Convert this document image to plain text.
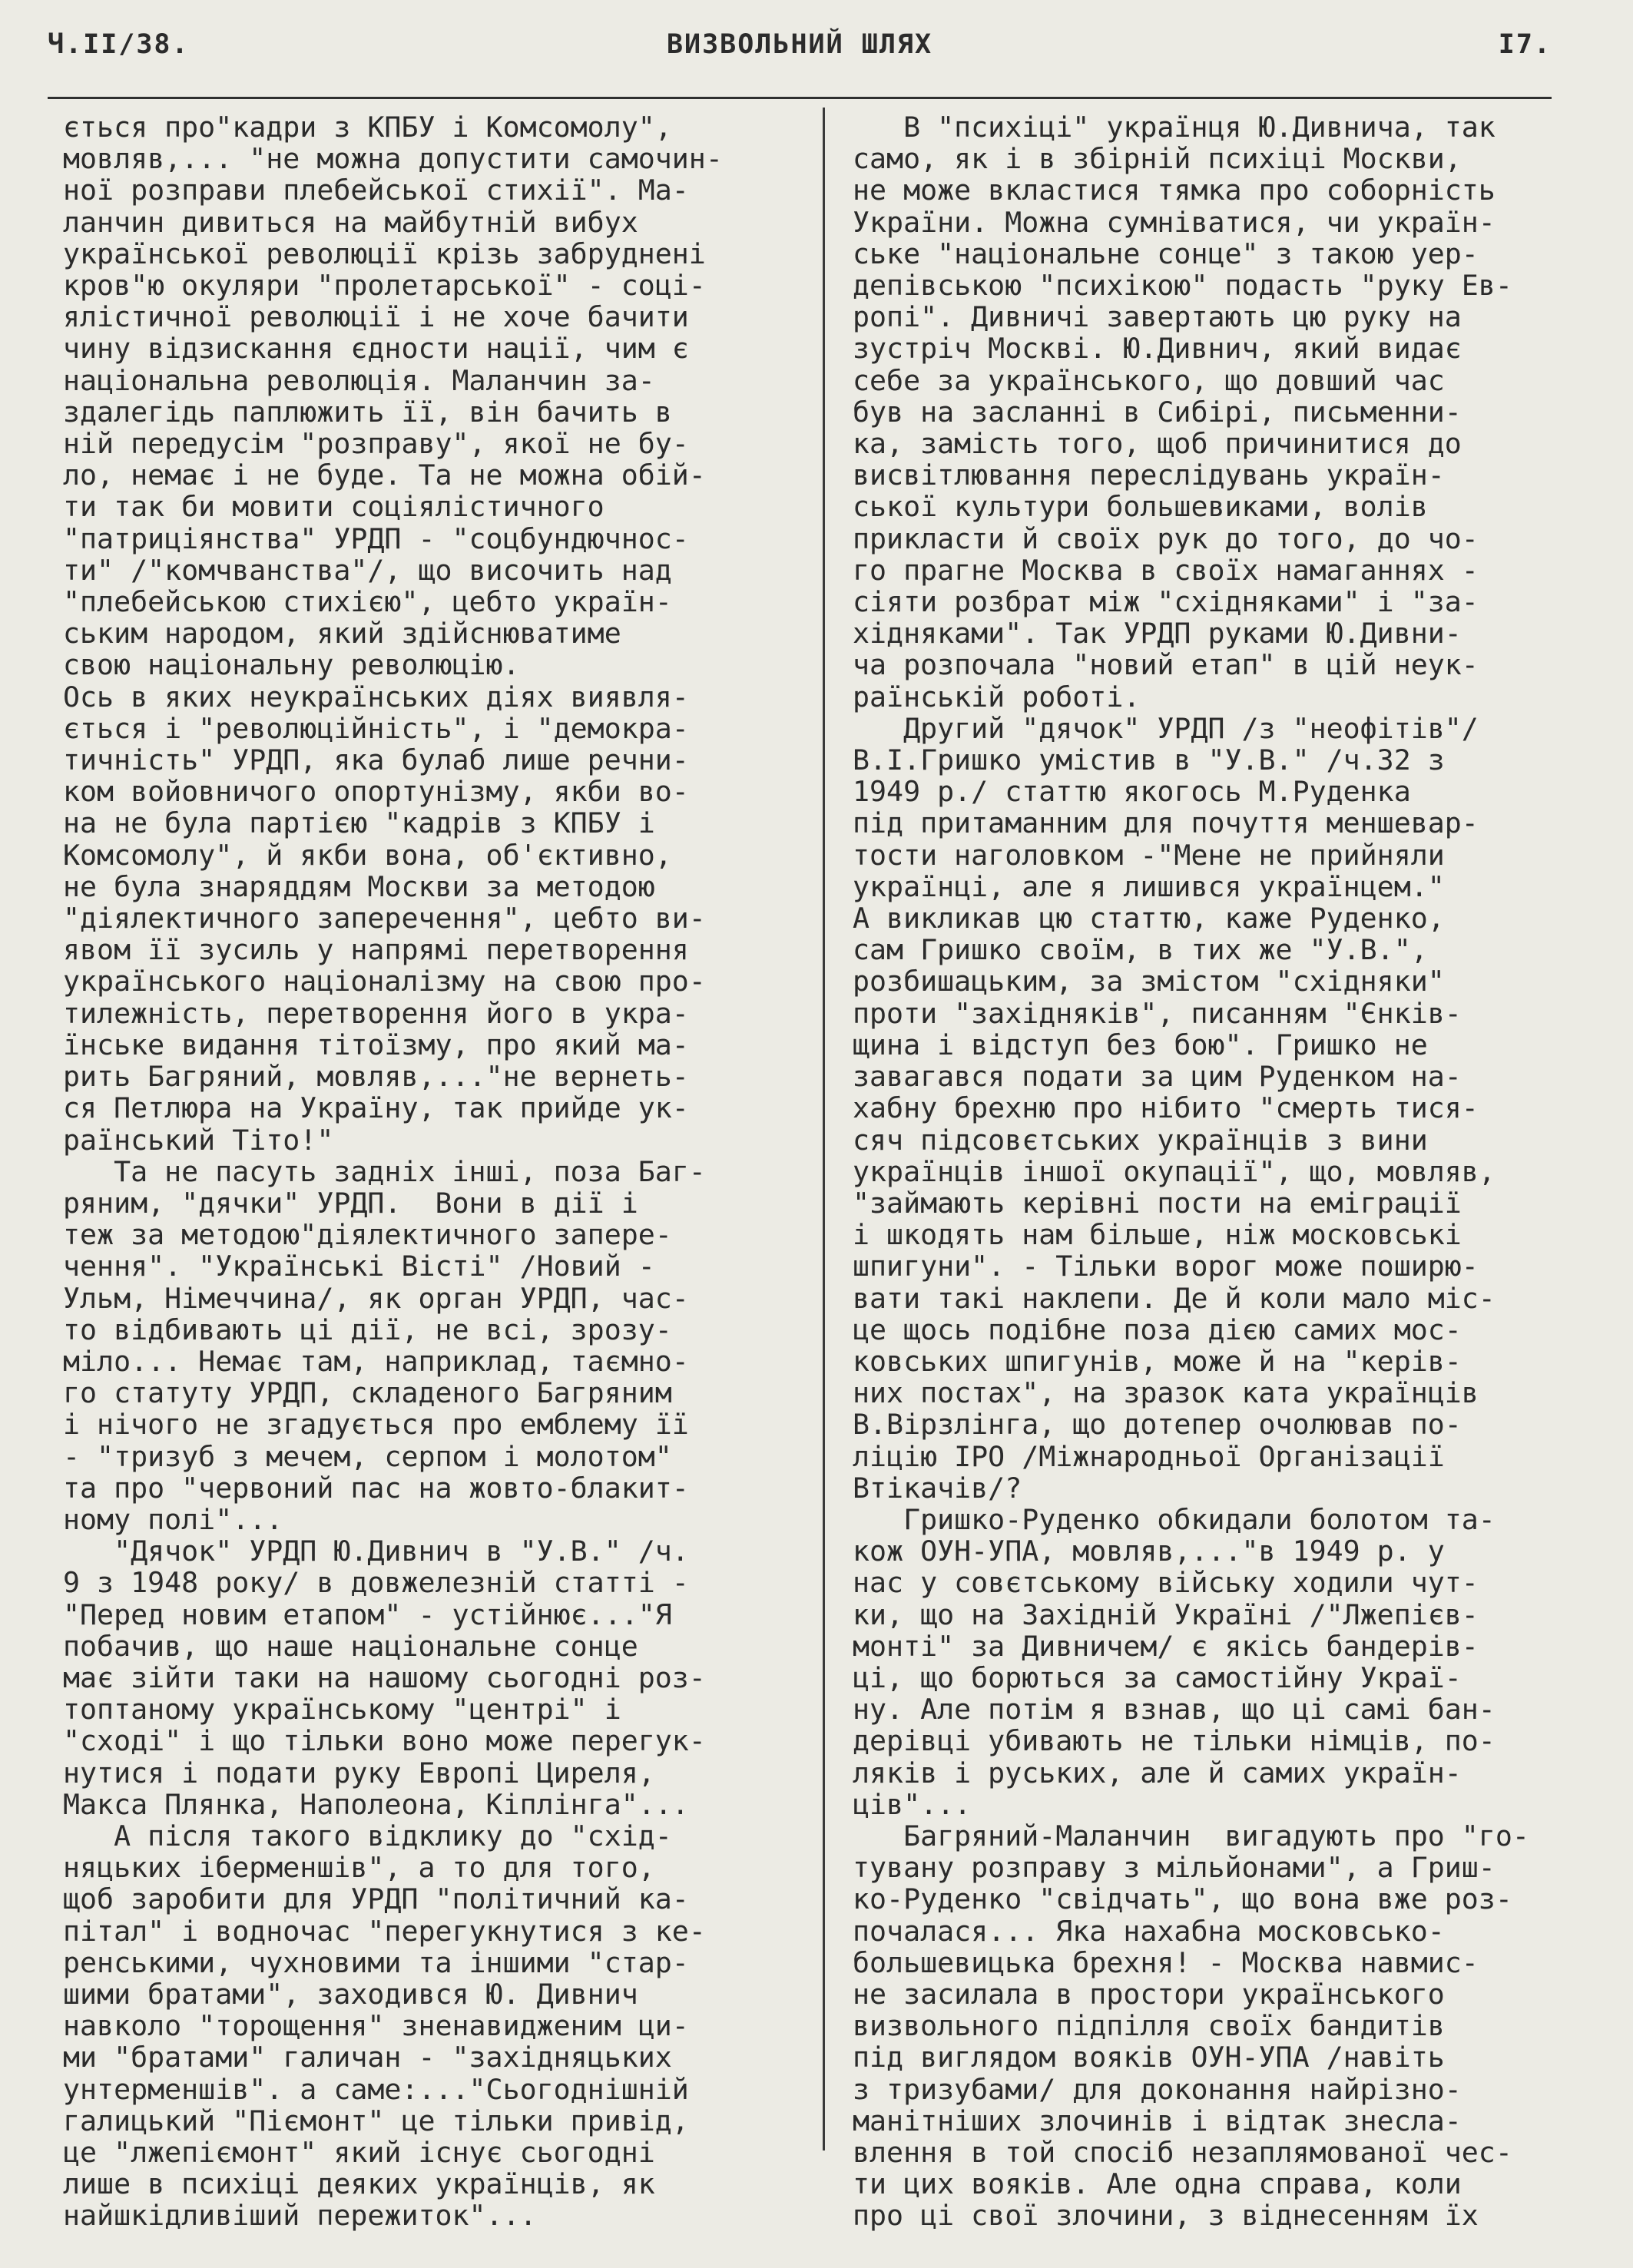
Ч.II/38.	ВИЗВОЛЬНИЙ ШЛЯХ	I7.
ється про"кадри з КПБУ і Комсомолу",
мовляв,... "не можна допустити самочин-
ної розправи плебейської стихії". Ма-
ланчин дивиться на майбутній вибух
української революції крізь забруднені
кров"ю окуляри "пролетарської" - соці-
ялістичної революції і не хоче бачити
чину відзискання єдности нації, чим є
національна революція. Маланчин за-
здалегідь паплюжить її, він бачить в
ній передусім "розправу", якої не бу-
ло, немає і не буде. Та не можна обій-
ти так би мовити соціялістичного
"патриціянства" УРДП - "соцбундючнос-
ти" /"комчванства"/, що височить над
"плебейською стихією", цебто україн-
ським народом, який здійснюватиме
свою національну революцію.
Ось в яких неукраїнських діях виявля-
ється і "революційність", і "демокра-
тичність" УРДП, яка булаб лише речни-
ком войовничого опортунізму, якби во-
на не була партією "кадрів з КПБУ і
Комсомолу", й якби вона, об'єктивно,
не була знаряддям Москви за методою
"діялектичного заперечення", цебто ви-
явом її зусиль у напрямі перетворення
українського націоналізму на свою про-
тилежність, перетворення його в укра-
їнське видання тітоїзму, про який ма-
рить Багряний, мовляв,..."не вернеть-
ся Петлюра на Україну, так прийде ук-
раїнський Тіто!"
Та не пасуть задніх інші, поза Баг-
ряним, "дячки" УРДП.  Вони в дії і
теж за методою"діялектичного запере-
чення". "Українські Вісті" /Новий -
Ульм, Німеччина/, як орган УРДП, час-
то відбивають ці дії, не всі, зрозу-
міло... Немає там, наприклад, таємно-
го статуту УРДП, складеного Багряним
і нічого не згадується про емблему її
- "тризуб з мечем, серпом і молотом"
та про "червоний пас на жовто-блакит-
ному полі"...
"Дячок" УРДП Ю.Дивнич в "У.В." /ч.
9 з 1948 року/ в довжелезній статті -
"Перед новим етапом" - устійнює..."Я
побачив, що наше національне сонце
має зійти таки на нашому сьогодні роз-
топтаному українському "центрі" і
"сході" і що тільки воно може перегук-
нутися і подати руку Европі Циреля,
Макса Плянка, Наполеона, Кіплінга"...
А після такого відклику до "схід-
няцьких іберменшів", а то для того,
щоб заробити для УРДП "політичний ка-
пітал" і водночас "перегукнутися з ке-
ренськими, чухновими та іншими "стар-
шими братами", заходився Ю. Дивнич
навколо "торощення" зненавидженим ци-
ми "братами" галичан - "західняцьких
унтерменшів". а саме:..."Сьогоднішній
галицький "Піємонт" це тільки привід,
це "лжепіємонт" який існує сьогодні
лише в психіці деяких українців, як
найшкідливіший пережиток"...
В "психіці" українця Ю.Дивнича, так
само, як і в збірній психіці Москви,
не може вкластися тямка про соборність
України. Можна сумніватися, чи україн-
ське "національне сонце" з такою уер-
депівською "психікою" подасть "руку Ев-
ропі". Дивничі завертають цю руку на
зустріч Москві. Ю.Дивнич, який видає
себе за українського, що довший час
був на засланні в Сибірі, письменни-
ка, замість того, щоб причинитися до
висвітлювання переслідувань україн-
ської культури большевиками, волів
прикласти й своїх рук до того, до чо-
го прагне Москва в своїх намаганнях -
сіяти розбрат між "східняками" і "за-
хідняками". Так УРДП руками Ю.Дивни-
ча розпочала "новий етап" в цій неук-
раїнській роботі.
Другий "дячок" УРДП /з "неофітів"/
В.І.Гришко умістив в "У.В." /ч.32 з
1949 р./ статтю якогось М.Руденка
під притаманним для почуття меншевар-
тости наголовком -"Мене не прийняли
українці, але я лишився українцем."
А викликав цю статтю, каже Руденко,
сам Гришко своїм, в тих же "У.В.",
розбишацьким, за змістом "східняки"
проти "західняків", писанням "Єнків-
щина і відступ без бою". Гришко не
завагався подати за цим Руденком на-
хабну брехню про нібито "смерть тися-
сяч підсовєтських українців з вини
українців іншої окупації", що, мовляв,
"займають керівні пости на еміграції
і шкодять нам більше, ніж московські
шпигуни". - Тільки ворог може поширю-
вати такі наклепи. Де й коли мало міс-
це щось подібне поза дією самих мос-
ковських шпигунів, може й на "керів-
них постах", на зразок ката українців
В.Вірзлінга, що дотепер очолював по-
ліцію IPO /Міжнародньої Організації
Втікачів/?
Гришко-Руденко обкидали болотом та-
кож ОУН-УПА, мовляв,..."в 1949 р. у
нас у совєтському війську ходили чут-
ки, що на Західній Україні /"Лжепієв-
монті" за Дивничем/ є якісь бандерів-
ці, що борються за самостійну Украї-
ну. Але потім я взнав, що ці самі бан-
дерівці убивають не тільки німців, по-
ляків і руських, але й самих україн-
ців"...
Багряний-Маланчин  вигадують про "го-
тувану розправу з мільйонами", а Гриш-
ко-Руденко "свідчать", що вона вже роз-
почалася... Яка нахабна московсько-
большевицька брехня! - Москва навмис-
не засилала в простори українського
визвольного підпілля своїх бандитів
під виглядом вояків ОУН-УПА /навіть
з тризубами/ для доконання найрізно-
манітніших злочинів і відтак знесла-
влення в той спосіб незаплямованої чес-
ти цих вояків. Але одна справа, коли
про ці свої злочини, з віднесенням їх
